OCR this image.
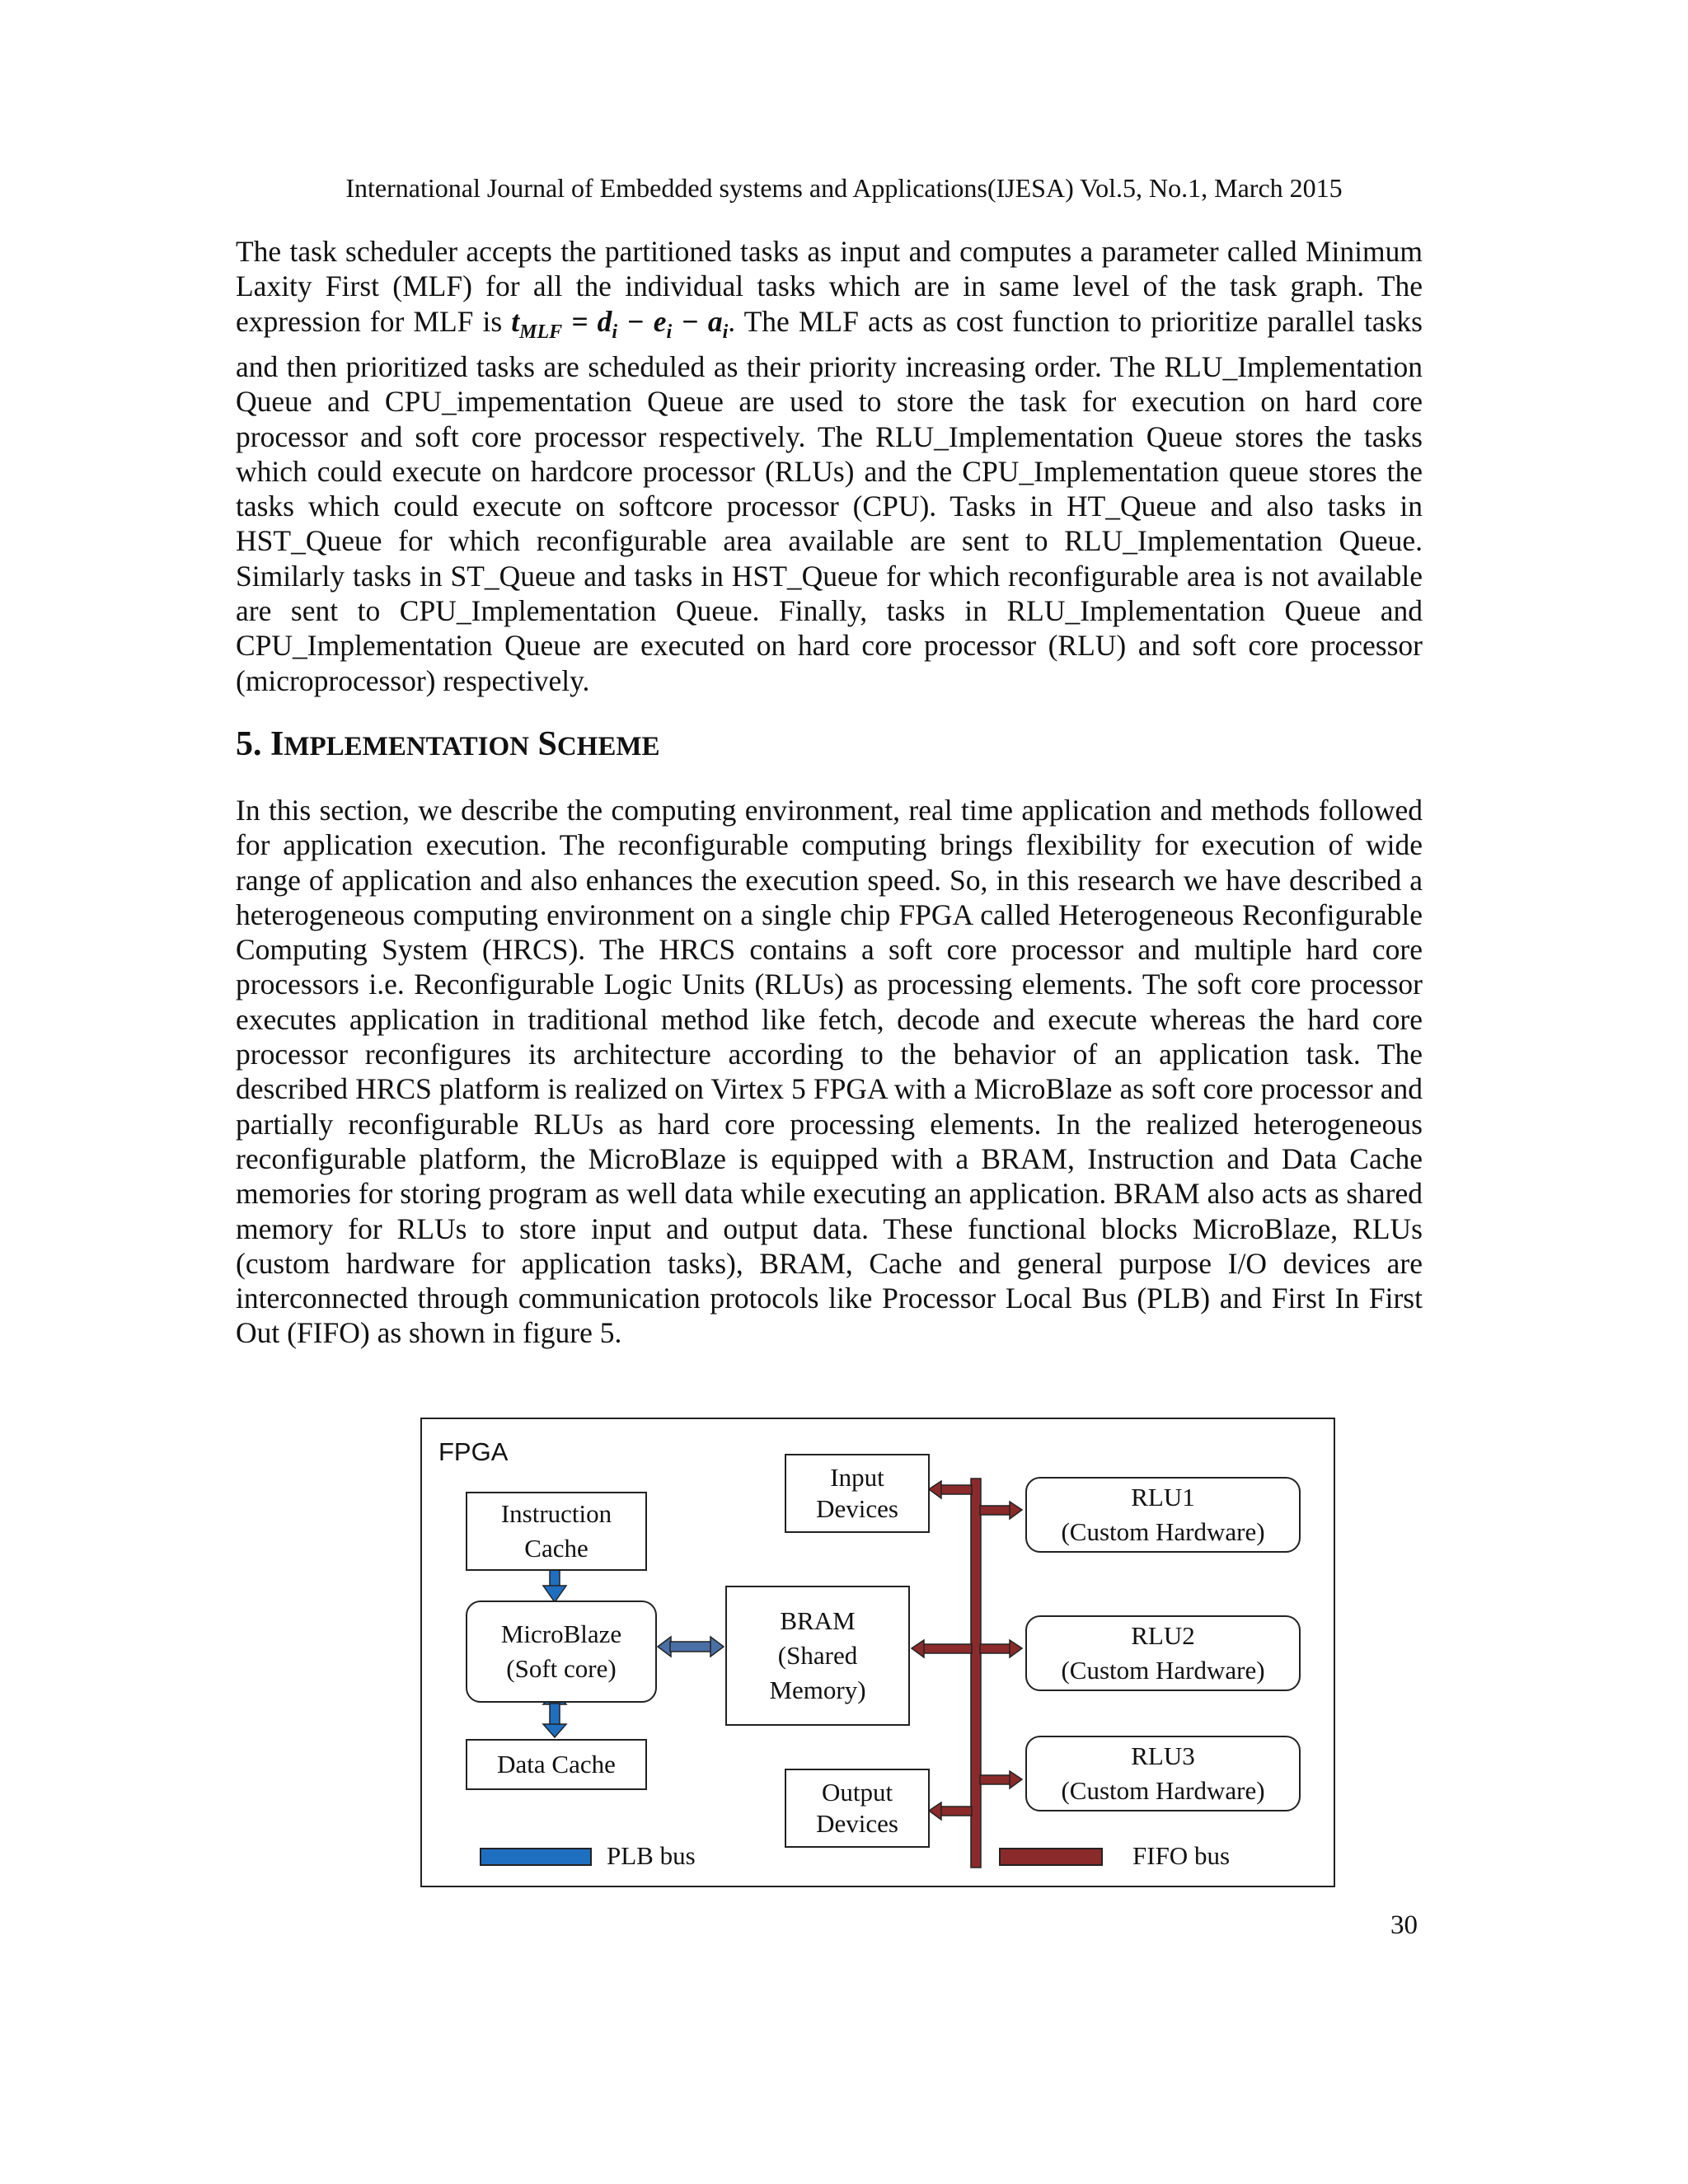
International Journal of Embedded systems and Applications(IJESA) Vol.5, No.1, March 2015

The task scheduler accepts the partitioned tasks as input and computes a parameter called Minimum Laxity First (MLF) for all the individual tasks which are in same level of the task graph. The expression for MLF is $t_{MLF} = d_i - e_i - a_i$. The MLF acts as cost function to prioritize parallel tasks and then prioritized tasks are scheduled as their priority increasing order. The RLU_Implementation Queue and CPU_impementation Queue are used to store the task for execution on hard core processor and soft core processor respectively. The RLU_Implementation Queue stores the tasks which could execute on hardcore processor (RLUs) and the CPU_Implementation queue stores the tasks which could execute on softcore processor (CPU). Tasks in HT_Queue and also tasks in HST_Queue for which reconfigurable area available are sent to RLU_Implementation Queue. Similarly tasks in ST_Queue and tasks in HST_Queue for which reconfigurable area is not available are sent to CPU_Implementation Queue. Finally, tasks in RLU_Implementation Queue and CPU_Implementation Queue are executed on hard core processor (RLU) and soft core processor (microprocessor) respectively.

5. IMPLEMENTATION SCHEME

In this section, we describe the computing environment, real time application and methods followed for application execution. The reconfigurable computing brings flexibility for execution of wide range of application and also enhances the execution speed. So, in this research we have described a heterogeneous computing environment on a single chip FPGA called Heterogeneous Reconfigurable Computing System (HRCS). The HRCS contains a soft core processor and multiple hard core processors i.e. Reconfigurable Logic Units (RLUs) as processing elements. The soft core processor executes application in traditional method like fetch, decode and execute whereas the hard core processor reconfigures its architecture according to the behavior of an application task. The described HRCS platform is realized on Virtex 5 FPGA with a MicroBlaze as soft core processor and partially reconfigurable RLUs as hard core processing elements. In the realized heterogeneous reconfigurable platform, the MicroBlaze is equipped with a BRAM, Instruction and Data Cache memories for storing program as well data while executing an application. BRAM also acts as shared memory for RLUs to store input and output data. These functional blocks MicroBlaze, RLUs (custom hardware for application tasks), BRAM, Cache and general purpose I/O devices are interconnected through communication protocols like Processor Local Bus (PLB) and First In First Out (FIFO) as shown in figure 5.

FPGA
Instruction
Cache
MicroBlaze
(Soft core)
Data Cache
BRAM
(Shared
Memory)
Input
Devices
Output
Devices
RLU1
(Custom Hardware)
RLU2
(Custom Hardware)
RLU3
(Custom Hardware)
PLB bus	FIFO bus
30
